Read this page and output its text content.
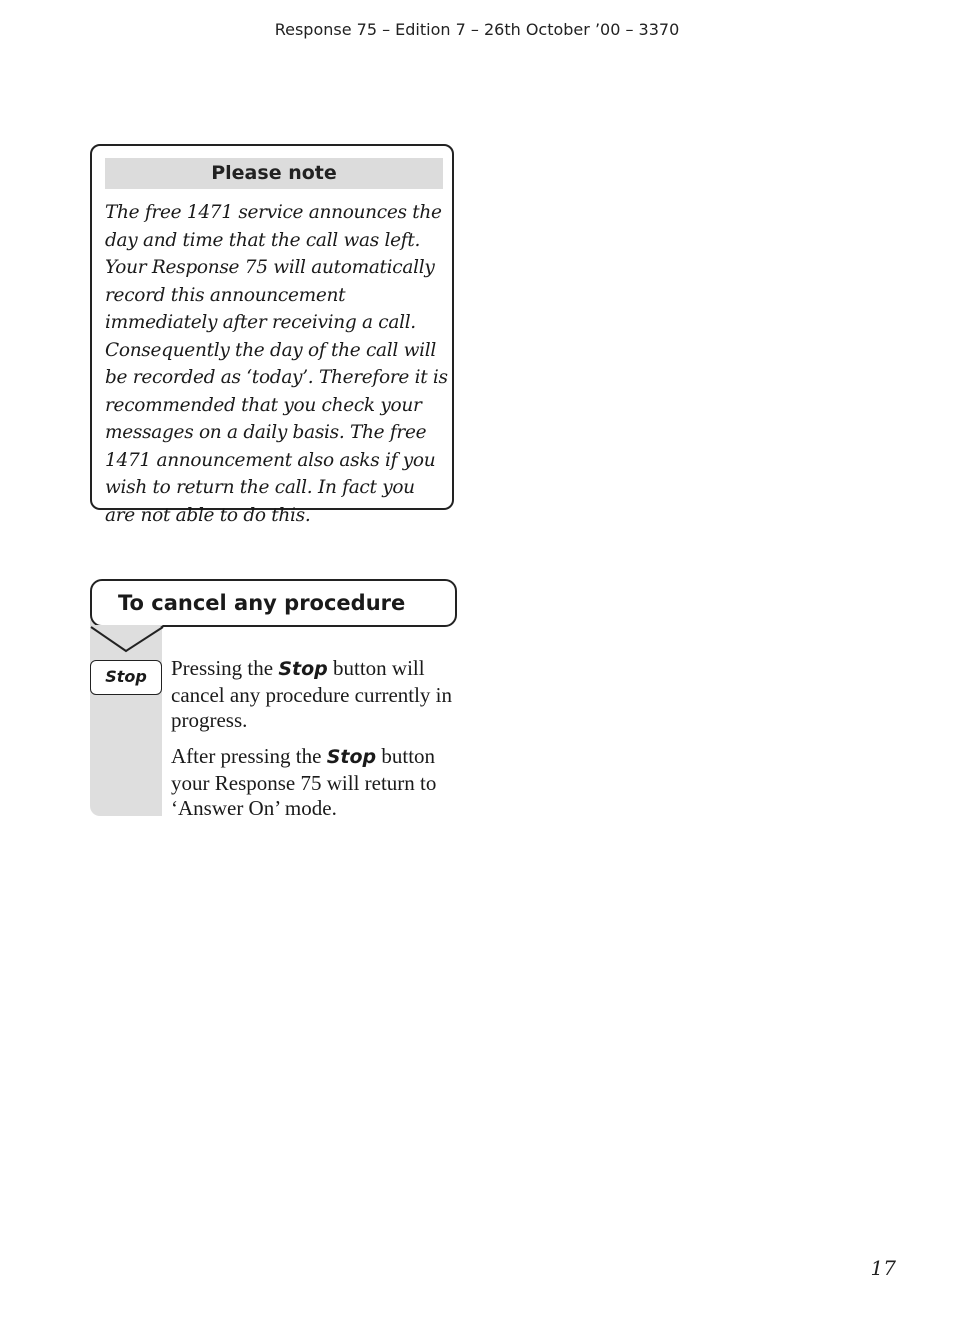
Response 75 – Edition 7 – 26th October ’00 – 3370
Please note

The free 1471 service announces the day and time that the call was left. Your Response 75 will automatically record this announcement immediately after receiving a call. Consequently the day of the call will be recorded as ‘today’. Therefore it is recommended that you check your messages on a daily basis. The free 1471 announcement also asks if you wish to return the call. In fact you are not able to do this.

To cancel any procedure
Stop	Pressing the Stop button will cancel any procedure currently in progress.

After pressing the Stop button your Response 75 will return to ‘Answer On’ mode.

17
